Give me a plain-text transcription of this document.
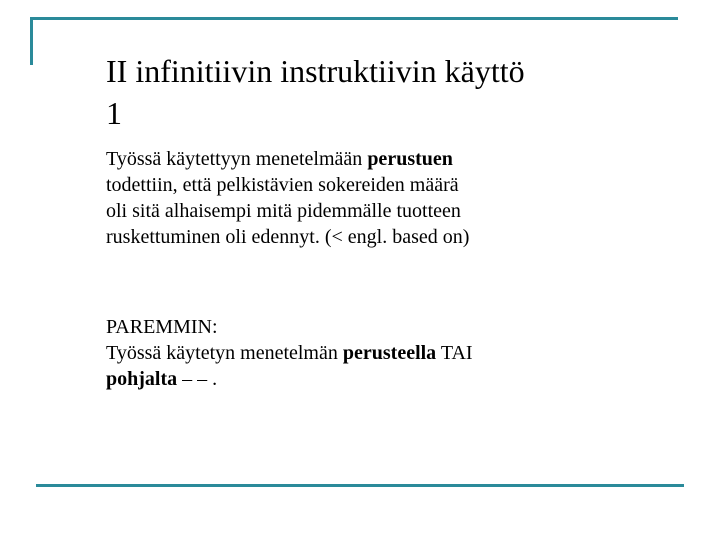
II infinitiivin instruktiivin käyttö
1
Työssä käytettyyn menetelmään perustuen
todettiin, että pelkistävien sokereiden määrä
oli sitä alhaisempi mitä pidemmälle tuotteen
ruskettuminen oli edennyt. (< engl. based on)
PAREMMIN:
Työssä käytetyn menetelmän perusteella TAI
pohjalta – – .
